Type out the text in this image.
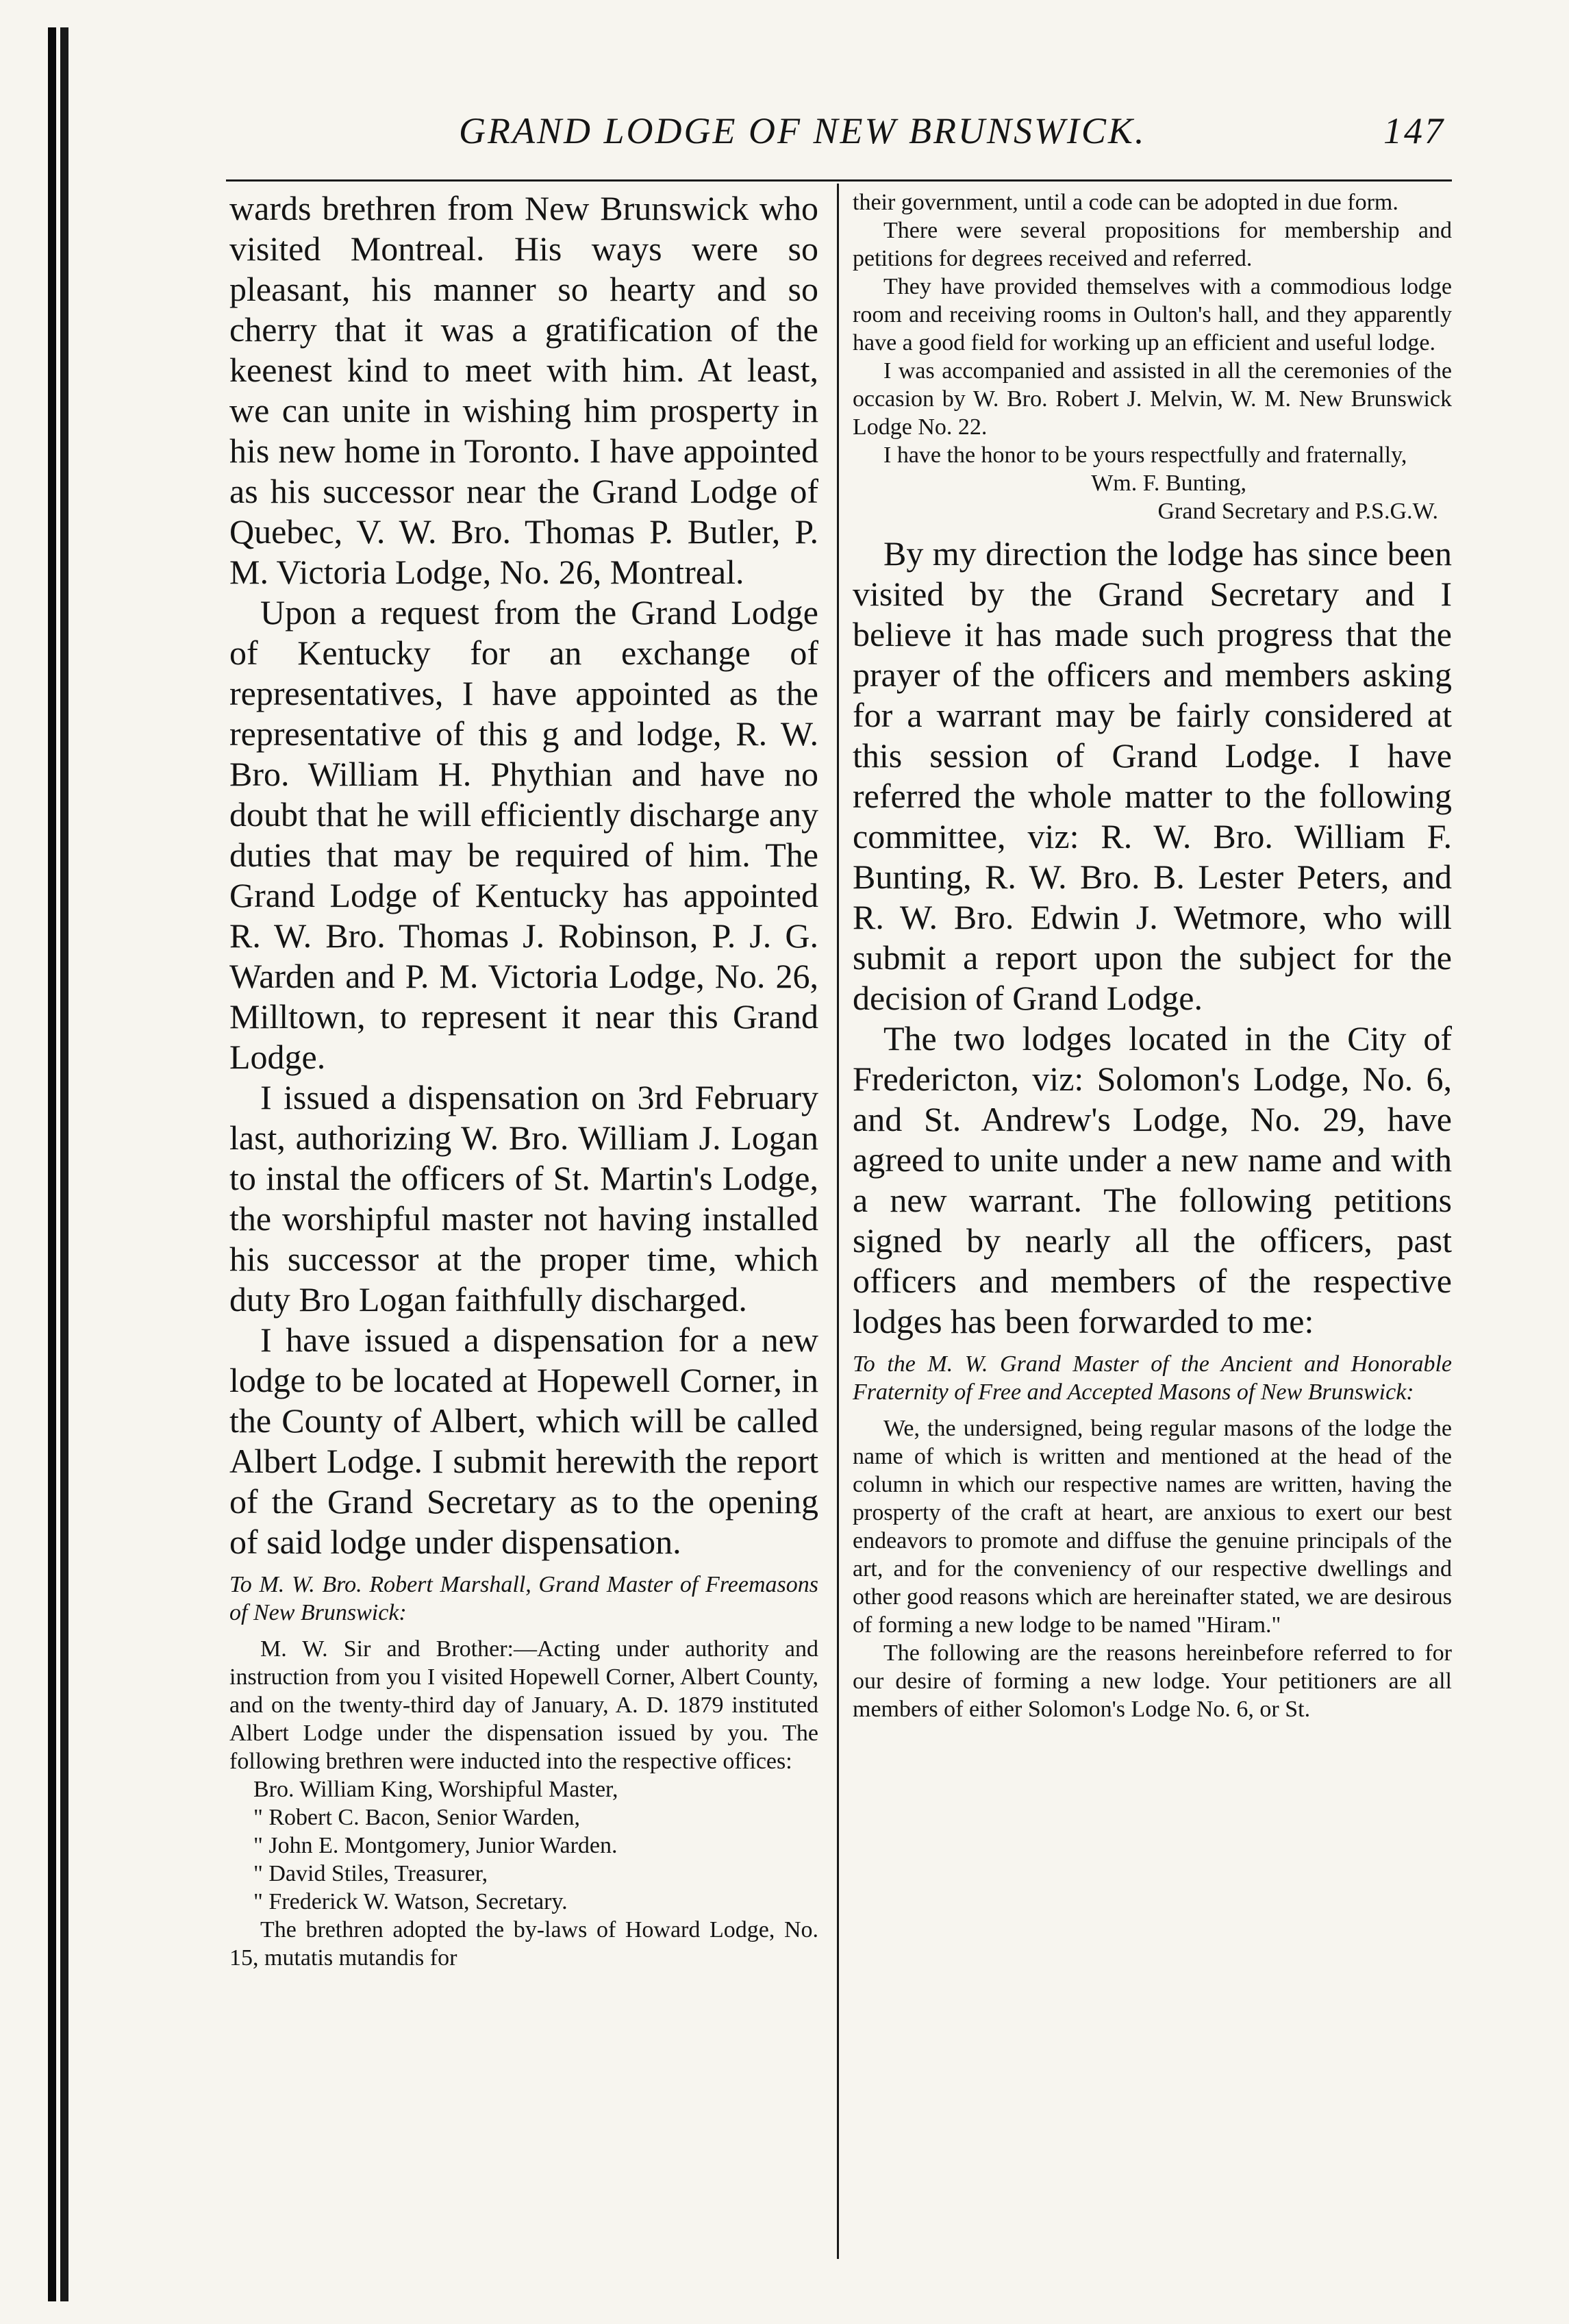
GRAND LODGE OF NEW BRUNSWICK.	147

wards brethren from New Brunswick who visited Montreal. His ways were so pleasant, his manner so hearty and so cherry that it was a gratification of the keenest kind to meet with him. At least, we can unite in wishing him prosperty in his new home in Toronto. I have appointed as his successor near the Grand Lodge of Quebec, V. W. Bro. Thomas P. Butler, P. M. Victoria Lodge, No. 26, Montreal.

Upon a request from the Grand Lodge of Kentucky for an exchange of representatives, I have appointed as the representative of this g and lodge, R. W. Bro. William H. Phythian and have no doubt that he will efficiently discharge any duties that may be required of him. The Grand Lodge of Kentucky has appointed R. W. Bro. Thomas J. Robinson, P. J. G. Warden and P. M. Victoria Lodge, No. 26, Milltown, to represent it near this Grand Lodge.

I issued a dispensation on 3rd February last, authorizing W. Bro. William J. Logan to instal the officers of St. Martin's Lodge, the worshipful master not having installed his successor at the proper time, which duty Bro Logan faithfully discharged.

I have issued a dispensation for a new lodge to be located at Hopewell Corner, in the County of Albert, which will be called Albert Lodge. I submit herewith the report of the Grand Secretary as to the opening of said lodge under dispensation.

To M. W. Bro. Robert Marshall, Grand Master of Freemasons of New Brunswick:

M. W. Sir and Brother:—Acting under authority and instruction from you I visited Hopewell Corner, Albert County, and on the twenty-third day of January, A. D. 1879 instituted Albert Lodge under the dispensation issued by you. The following brethren were inducted into the respective offices:

Bro. William King, Worshipful Master,

" Robert C. Bacon, Senior Warden,

" John E. Montgomery, Junior Warden.

" David Stiles, Treasurer,

" Frederick W. Watson, Secretary.

The brethren adopted the by-laws of Howard Lodge, No. 15, mutatis mutandis for

their government, until a code can be adopted in due form.

There were several propositions for membership and petitions for degrees received and referred.

They have provided themselves with a commodious lodge room and receiving rooms in Oulton's hall, and they apparently have a good field for working up an efficient and useful lodge.

I was accompanied and assisted in all the ceremonies of the occasion by W. Bro. Robert J. Melvin, W. M. New Brunswick Lodge No. 22.

I have the honor to be yours respectfully and fraternally,

Wm. F. Bunting,

Grand Secretary and P.S.G.W.

By my direction the lodge has since been visited by the Grand Secretary and I believe it has made such progress that the prayer of the officers and members asking for a warrant may be fairly considered at this session of Grand Lodge. I have referred the whole matter to the following committee, viz: R. W. Bro. William F. Bunting, R. W. Bro. B. Lester Peters, and R. W. Bro. Edwin J. Wetmore, who will submit a report upon the subject for the decision of Grand Lodge.

The two lodges located in the City of Fredericton, viz: Solomon's Lodge, No. 6, and St. Andrew's Lodge, No. 29, have agreed to unite under a new name and with a new warrant. The following petitions signed by nearly all the officers, past officers and members of the respective lodges has been forwarded to me:

To the M. W. Grand Master of the Ancient and Honorable Fraternity of Free and Accepted Masons of New Brunswick:

We, the undersigned, being regular masons of the lodge the name of which is written and mentioned at the head of the column in which our respective names are written, having the prosperty of the craft at heart, are anxious to exert our best endeavors to promote and diffuse the genuine principals of the art, and for the conveniency of our respective dwellings and other good reasons which are hereinafter stated, we are desirous of forming a new lodge to be named "Hiram."

The following are the reasons hereinbefore referred to for our desire of forming a new lodge. Your petitioners are all members of either Solomon's Lodge No. 6, or St.
